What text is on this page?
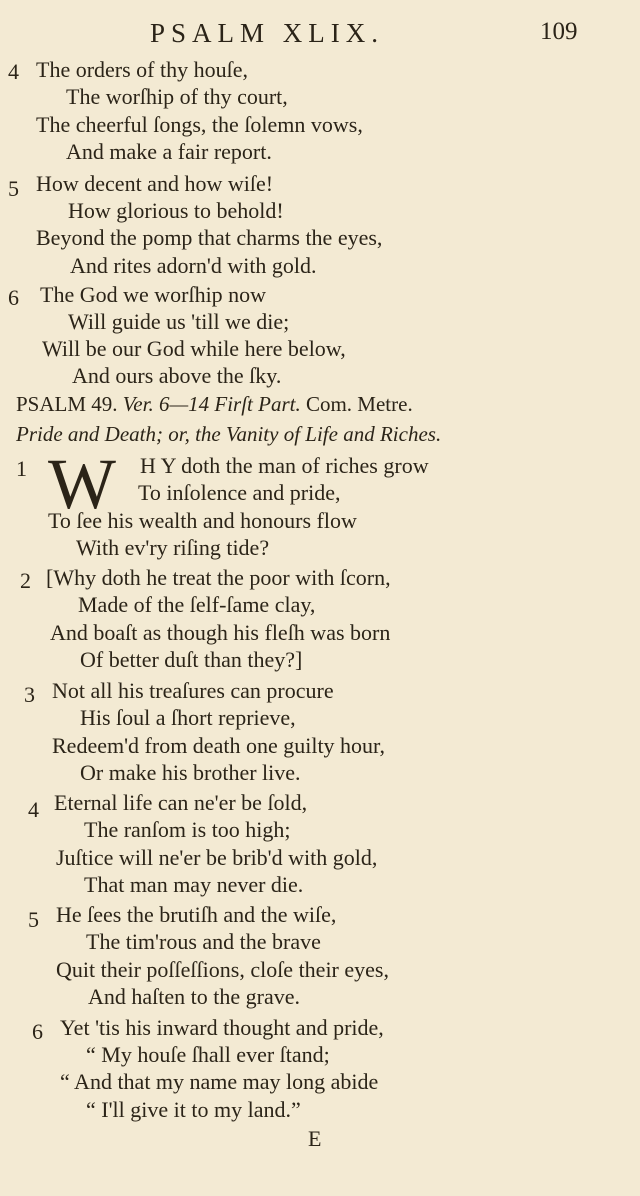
PSALM XLIX.	109
4 The orders of thy houſe,
The worſhip of thy court,
The cheerful ſongs, the ſolemn vows,
And make a fair report.
5 How decent and how wiſe!
How glorious to behold!
Beyond the pomp that charms the eyes,
And rites adorn'd with gold.
6 The God we worſhip now
Will guide us 'till we die;
Will be our God while here below,
And ours above the ſky.
PSALM 49. Ver. 6—14 Firſt Part. Com. Metre.
Pride and Death; or, the Vanity of Life and Riches.
1 W H Y doth the man of riches grow
To inſolence and pride,
To ſee his wealth and honours flow
With ev'ry riſing tide?
2 [Why doth he treat the poor with ſcorn,
Made of the ſelf-ſame clay,
And boaſt as though his fleſh was born
Of better duſt than they?]
3 Not all his treaſures can procure
His ſoul a ſhort reprieve,
Redeem'd from death one guilty hour,
Or make his brother live.
4 Eternal life can ne'er be ſold,
The ranſom is too high;
Juſtice will ne'er be brib'd with gold,
That man may never die.
5 He ſees the brutiſh and the wiſe,
The tim'rous and the brave
Quit their poſſeſſions, cloſe their eyes,
And haſten to the grave.
6 Yet 'tis his inward thought and pride,
“ My houſe ſhall ever ſtand;
“ And that my name may long abide
“ I'll give it to my land.”
E
